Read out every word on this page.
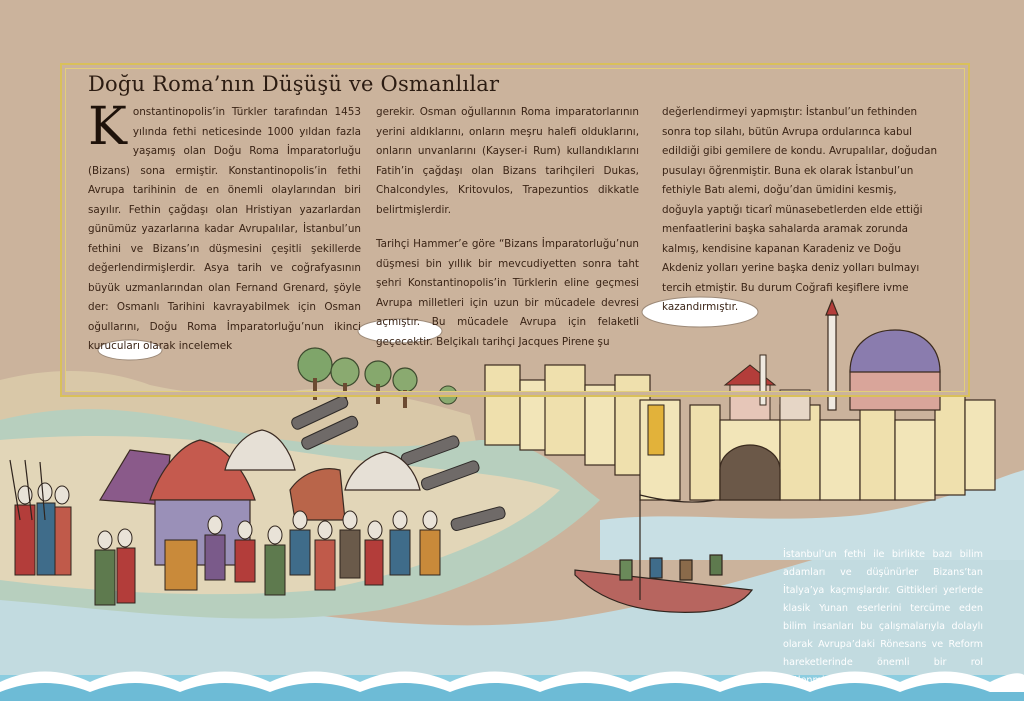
Doğu Roma’nın Düşüşü ve Osmanlılar
Konstantinopolis’in Türkler tarafından 1453 yılında fethi neticesinde 1000 yıldan fazla yaşamış olan Doğu Roma İmparatorluğu (Bizans) sona ermiştir. Konstantinopolis’in fethi Avrupa tarihinin de en önemli olaylarından biri sayılır. Fethin çağdaşı olan Hristiyan yazarlardan günümüz yazarlarına kadar Avrupalılar, İstanbul’un fethini ve Bizans’ın düşmesini çeşitli şekillerde değerlendirmişlerdir. Asya tarih ve coğrafyasının büyük uzmanlarından olan Fernand Grenard, şöyle der: Osmanlı Tarihini kavrayabilmek için Osman oğullarını, Doğu Roma İmparatorluğu’nun ikinci kurucuları olarak incelemek

gerekir. Osman oğullarının Roma imparatorlarının yerini aldıklarını, onların meşru halefi olduklarını, onların unvanlarını (Kayser-i Rum) kullandıklarını Fatih’in çağdaşı olan Bizans tarihçileri Dukas, Chalcondyles, Kritovulos, Trapezuntios dikkatle belirtmişlerdir.

Tarihçi Hammer’e göre “Bizans İmparatorluğu’nun düşmesi bin yıllık bir mevcudiyetten sonra taht şehri Konstantinopolis’in Türklerin eline geçmesi Avrupa milletleri için uzun bir mücadele devresi açmıştır. Bu mücadele Avrupa için felaketli geçecektir. Belçikalı tarihçi Jacques Pirene şu

değerlendirmeyi yapmıştır: İstanbul’un fethinden sonra top silahı, bütün Avrupa ordularınca kabul edildiği gibi gemilere de kondu. Avrupalılar, doğudan pusulayı öğrenmiştir. Buna ek olarak İstanbul’un fethiyle Batı alemi, doğu’dan ümidini kesmiş, doğuyla yaptığı ticarî münasebetlerden elde ettiği menfaatlerini başka sahalarda aramak zorunda kalmış, kendisine kapanan Karadeniz ve Doğu Akdeniz yolları yerine başka deniz yolları bulmayı tercih etmiştir. Bu durum Coğrafi keşiflere ivme kazandırmıştır.

İstanbul’un fethi ile birlikte bazı bilim adamları ve düşünürler Bizans’tan İtalya’ya kaçmışlardır. Gittikleri yerlerde klasik Yunan eserlerini tercüme eden bilim insanları bu çalışmalarıyla dolaylı olarak Avrupa’daki Rönesans ve Reform hareketlerinde önemli bir rol üstlenmiştir...
